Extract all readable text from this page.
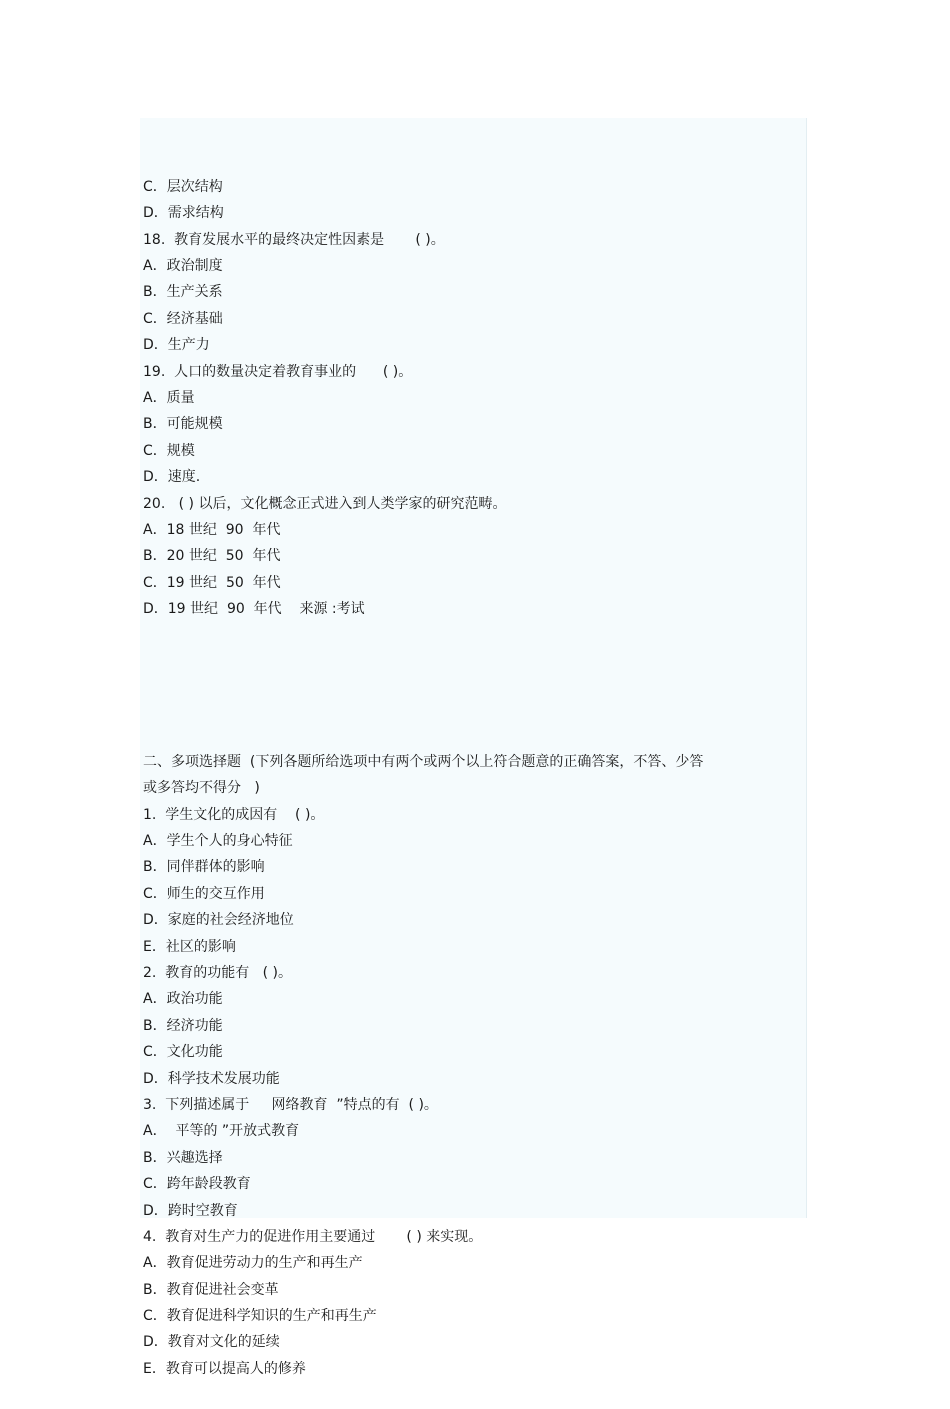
C．层次结构
D．需求结构
18.  教育发展水平的最终决定性因素是       ( )。
A．政治制度
B．生产关系
C．经济基础
D．生产力
19.  人口的数量决定着教育事业的      ( )。
A．质量
B．可能规模
C．规模
D．速度.
20.   ( ) 以后，文化概念正式进入到人类学家的研究范畴。
A．18 世纪  90  年代
B．20 世纪  50  年代
C．19 世纪  50  年代
D．19 世纪  90  年代    来源 :考试

二、多项选择题  (下列各题所给选项中有两个或两个以上符合题意的正确答案，不答、少答
或多答均不得分   )
1.  学生文化的成因有    ( )。
A．学生个人的身心特征
B．同伴群体的影响
C．师生的交互作用
D．家庭的社会经济地位
E．社区的影响
2.  教育的功能有   ( )。
A．政治功能
B．经济功能
C．文化功能
D．科学技术发展功能
3.  下列描述属于     网络教育  ”特点的有  ( )。
A．  平等的 ”开放式教育
B．兴趣选择
C．跨年龄段教育
D．跨时空教育
4.  教育对生产力的促进作用主要通过       ( ) 来实现。
A．教育促进劳动力的生产和再生产
B．教育促进社会变革
C．教育促进科学知识的生产和再生产
D．教育对文化的延续
E．教育可以提高人的修养
